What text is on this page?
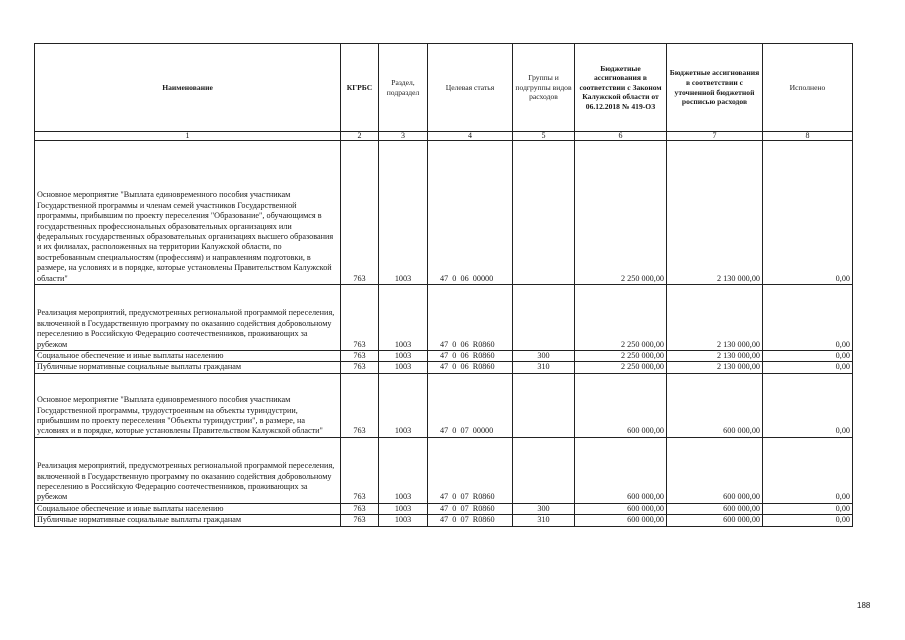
Наименование	КГРБС	Раздел, подраздел	Целевая статья	Группы и подгруппы видов расходов	Бюджетные ассигнования в соответствии с Законом Калужской области от 06.12.2018 № 419-ОЗ	Бюджетные ассигнования в соответствии с уточненной бюджетной росписью расходов	Исполнено
1	2	3	4	5	6	7	8
Основное мероприятие "Выплата единовременного пособия участникам Государственной программы и членам семей участников Государственной программы, прибывшим по проекту переселения "Образование", обучающимся в государственных профессиональных образовательных организациях или федеральных государственных образовательных организациях высшего образования и их филиалах, расположенных на территории Калужской области, по востребованным специальностям (профессиям) и направлениям подготовки, в размере, на условиях и в порядке, которые установлены Правительством Калужской области"	763	1003	47  0  06  00000		2 250 000,00	2 130 000,00	0,00
Реализация мероприятий, предусмотренных региональной программой переселения, включенной в Государственную программу по оказанию содействия добровольному переселению в Российскую Федерацию соотечественников, проживающих за рубежом	763	1003	47  0  06  R0860		2 250 000,00	2 130 000,00	0,00
Социальное обеспечение и иные выплаты населению	763	1003	47  0  06  R0860	300	2 250 000,00	2 130 000,00	0,00
Публичные нормативные социальные выплаты гражданам	763	1003	47  0  06  R0860	310	2 250 000,00	2 130 000,00	0,00
Основное мероприятие "Выплата единовременного пособия участникам Государственной программы, трудоустроенным на объекты туриндустрии, прибывшим по проекту переселения "Объекты туриндустрии", в размере, на условиях и в порядке, которые установлены Правительством Калужской области"	763	1003	47  0  07  00000		600 000,00	600 000,00	0,00
Реализация мероприятий, предусмотренных региональной программой переселения, включенной в Государственную программу по оказанию содействия добровольному переселению в Российскую Федерацию соотечественников, проживающих за рубежом	763	1003	47  0  07  R0860		600 000,00	600 000,00	0,00
Социальное обеспечение и иные выплаты населению	763	1003	47  0  07  R0860	300	600 000,00	600 000,00	0,00
Публичные нормативные социальные выплаты гражданам	763	1003	47  0  07  R0860	310	600 000,00	600 000,00	0,00
188
